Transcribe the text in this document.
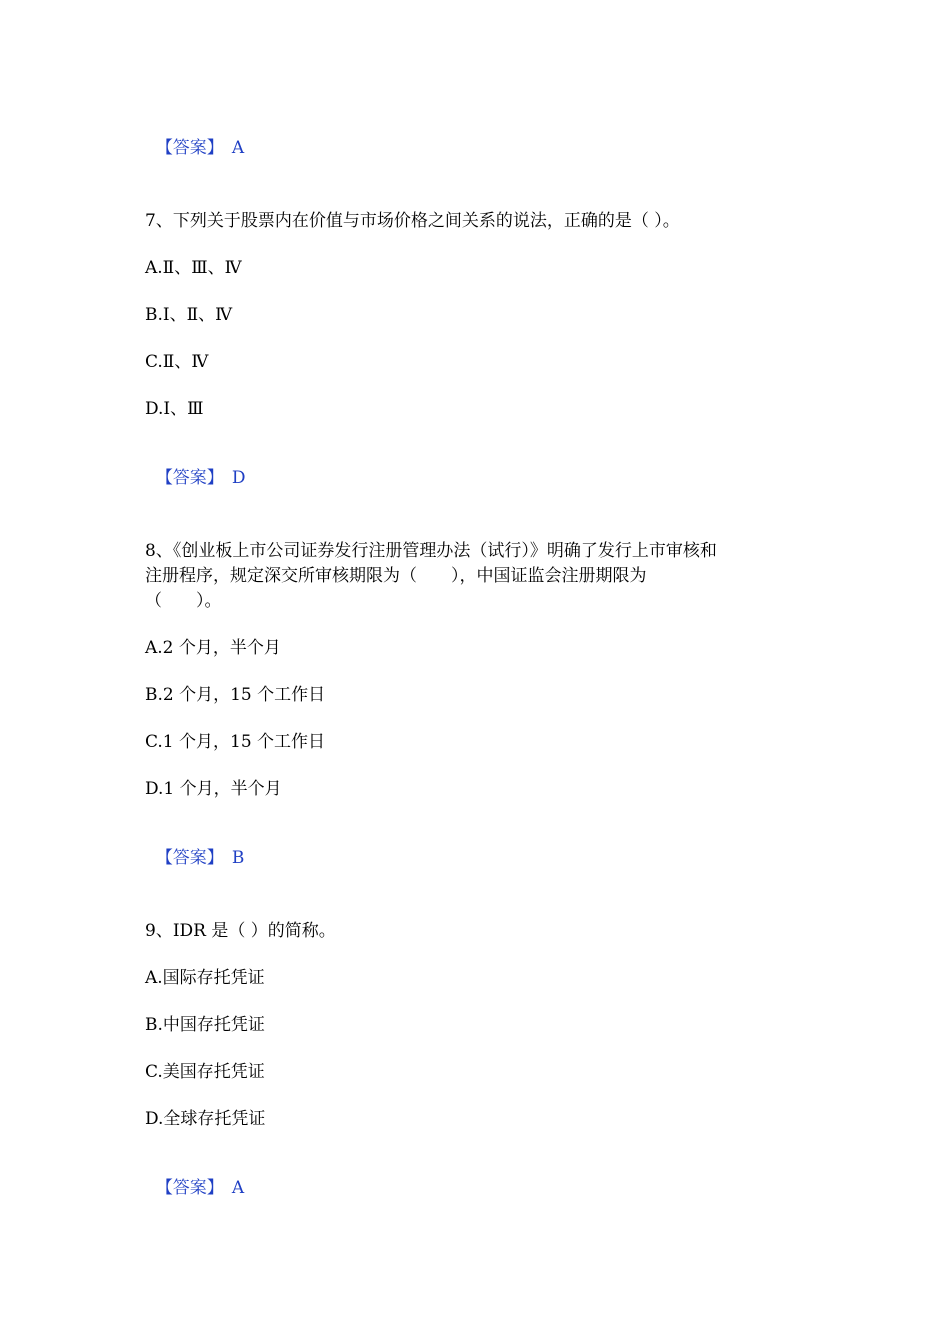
【答案】 A

7、下列关于股票内在价值与市场价格之间关系的说法，正确的是（ ）。
A.Ⅱ、Ⅲ、Ⅳ
B.Ⅰ、Ⅱ、Ⅳ
C.Ⅱ、Ⅳ
D.Ⅰ、Ⅲ

【答案】 D

8、《创业板上市公司证券发行注册管理办法（试行）》明确了发行上市审核和
注册程序，规定深交所审核期限为（　　），中国证监会注册期限为
（　　）。
A.2 个月，半个月
B.2 个月，15 个工作日
C.1 个月，15 个工作日
D.1 个月，半个月

【答案】 B

9、IDR 是（ ）的简称。
A.国际存托凭证
B.中国存托凭证
C.美国存托凭证
D.全球存托凭证

【答案】 A
